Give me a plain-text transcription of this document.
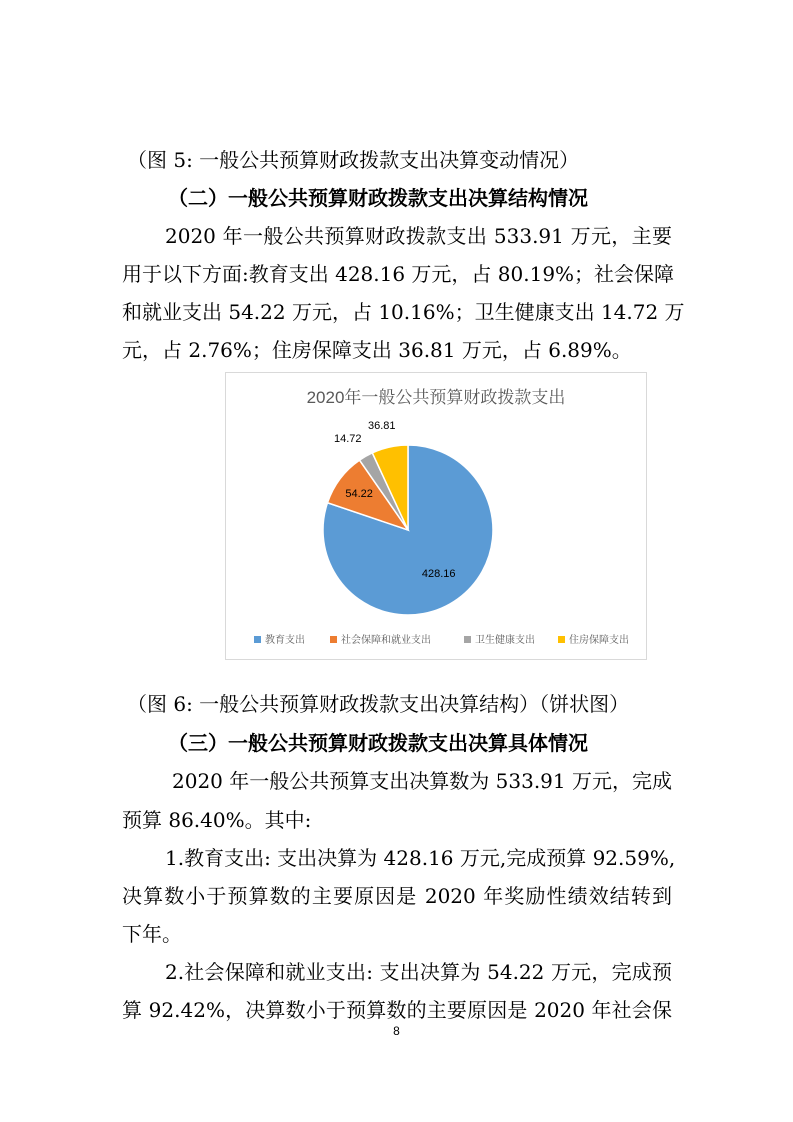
（图 5: 一般公共预算财政拨款支出决算变动情况）
（二）一般公共预算财政拨款支出决算结构情况
2020 年一般公共预算财政拨款支出 533.91 万元，主要
用于以下方面:教育支出 428.16 万元，占 80.19%；社会保障
和就业支出 54.22 万元，占 10.16%；卫生健康支出 14.72 万
元，占 2.76%；住房保障支出 36.81 万元，占 6.89%。
2020年一般公共预算财政拨款支出
428.16
54.22
14.72
36.81
教育支出	社会保障和就业支出	卫生健康支出	住房保障支出
（图 6: 一般公共预算财政拨款支出决算结构）（饼状图）
（三）一般公共预算财政拨款支出决算具体情况
2020 年一般公共预算支出决算数为 533.91 万元，完成
预算 86.40%。其中:
1.教育支出: 支出决算为 428.16 万元,完成预算 92.59%,
决算数小于预算数的主要原因是 2020 年奖励性绩效结转到
下年。
2.社会保障和就业支出: 支出决算为 54.22 万元，完成预
算 92.42%，决算数小于预算数的主要原因是 2020 年社会保
8
